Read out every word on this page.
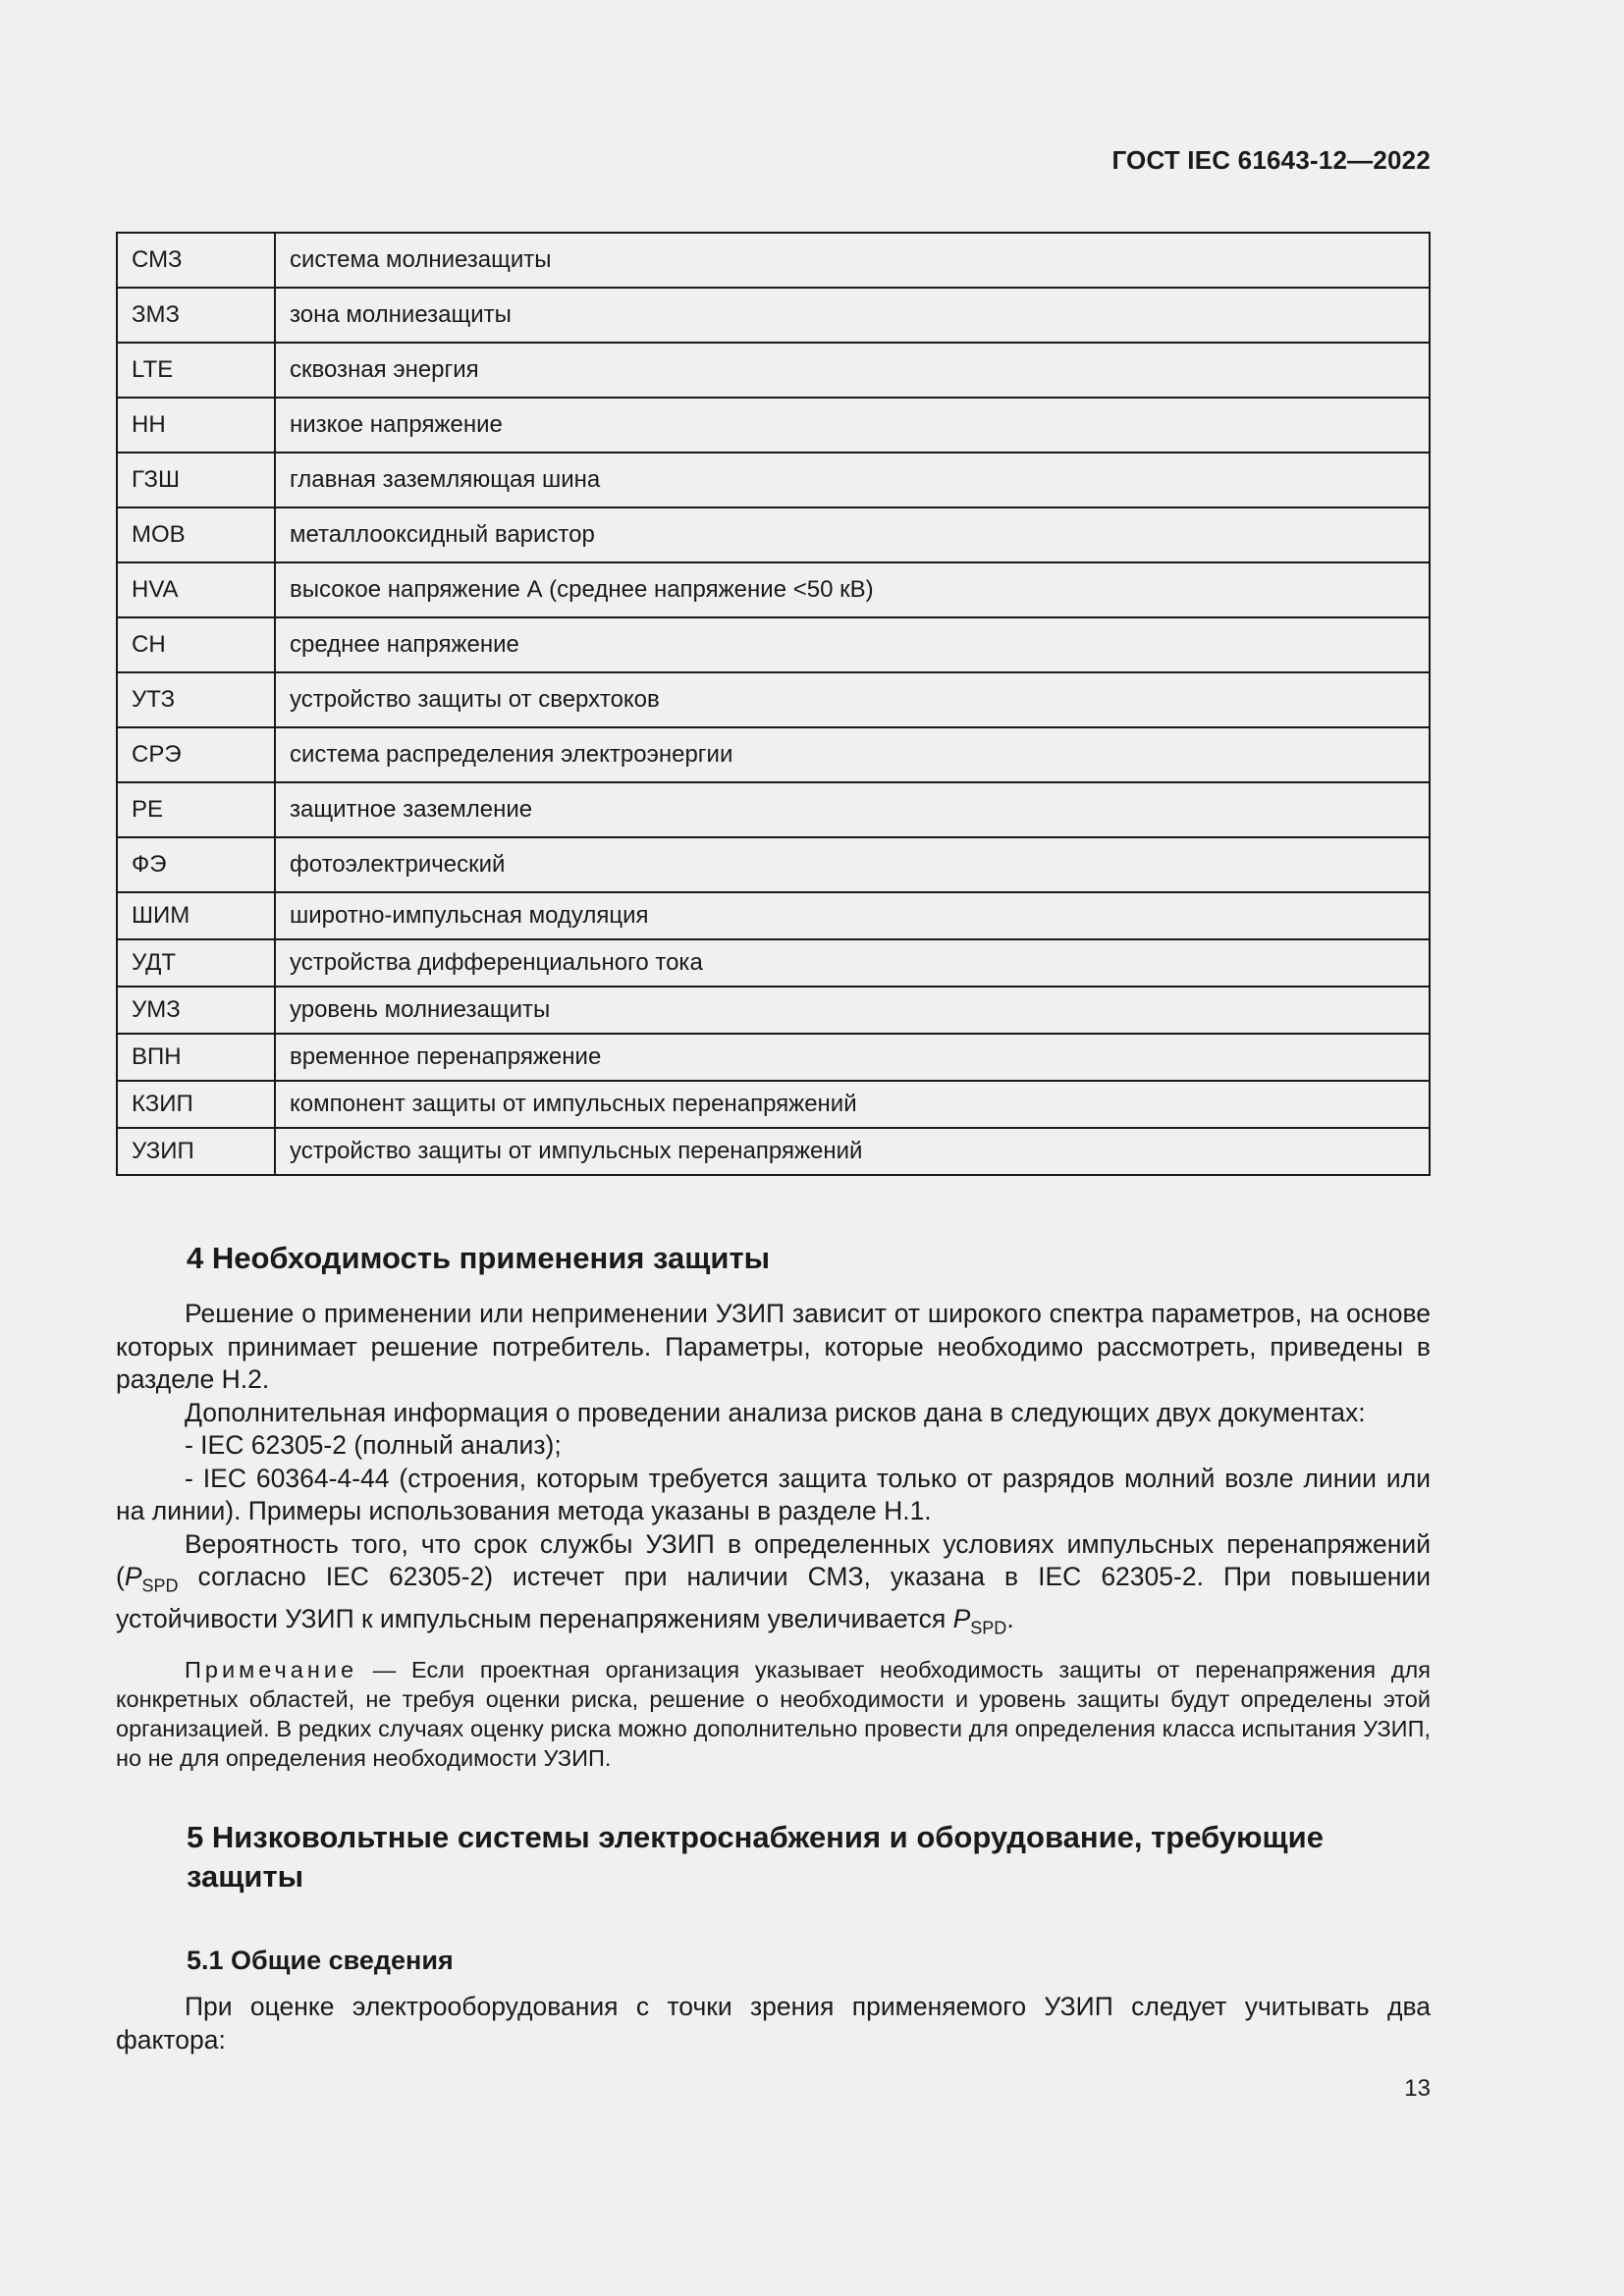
ГОСТ IEC 61643-12—2022
СМЗ	система молниезащиты
ЗМЗ	зона молниезащиты
LTE	сквозная энергия
НН	низкое напряжение
ГЗШ	главная заземляющая шина
МОВ	металлооксидный варистор
HVA	высокое напряжение А (среднее напряжение <50 кВ)
СН	среднее напряжение
УТЗ	устройство защиты от сверхтоков
СРЭ	система распределения электроэнергии
РЕ	защитное заземление
ФЭ	фотоэлектрический
ШИМ	широтно-импульсная модуляция
УДТ	устройства дифференциального тока
УМЗ	уровень молниезащиты
ВПН	временное перенапряжение
КЗИП	компонент защиты от импульсных перенапряжений
УЗИП	устройство защиты от импульсных перенапряжений
4 Необходимость применения защиты

Решение о применении или неприменении УЗИП зависит от широкого спектра параметров, на основе которых принимает решение потребитель. Параметры, которые необходимо рассмотреть, приведены в разделе Н.2.

Дополнительная информация о проведении анализа рисков дана в следующих двух документах:

- IEC 62305-2 (полный анализ);

- IEC 60364-4-44 (строения, которым требуется защита только от разрядов молний возле линии или на линии). Примеры использования метода указаны в разделе Н.1.

Вероятность того, что срок службы УЗИП в определенных условиях импульсных перенапряжений ($P_{SPD}$ согласно IEC 62305-2) истечет при наличии СМЗ, указана в IEC 62305-2. При повышении устойчивости УЗИП к импульсным перенапряжениям увеличивается $P_{SPD}$.

Примечание — Если проектная организация указывает необходимость защиты от перенапряжения для конкретных областей, не требуя оценки риска, решение о необходимости и уровень защиты будут определены этой организацией. В редких случаях оценку риска можно дополнительно провести для определения класса испытания УЗИП, но не для определения необходимости УЗИП.

5 Низковольтные системы электроснабжения и оборудование, требующие защиты
5.1 Общие сведения

При оценке электрооборудования с точки зрения применяемого УЗИП следует учитывать два фактора:

13
